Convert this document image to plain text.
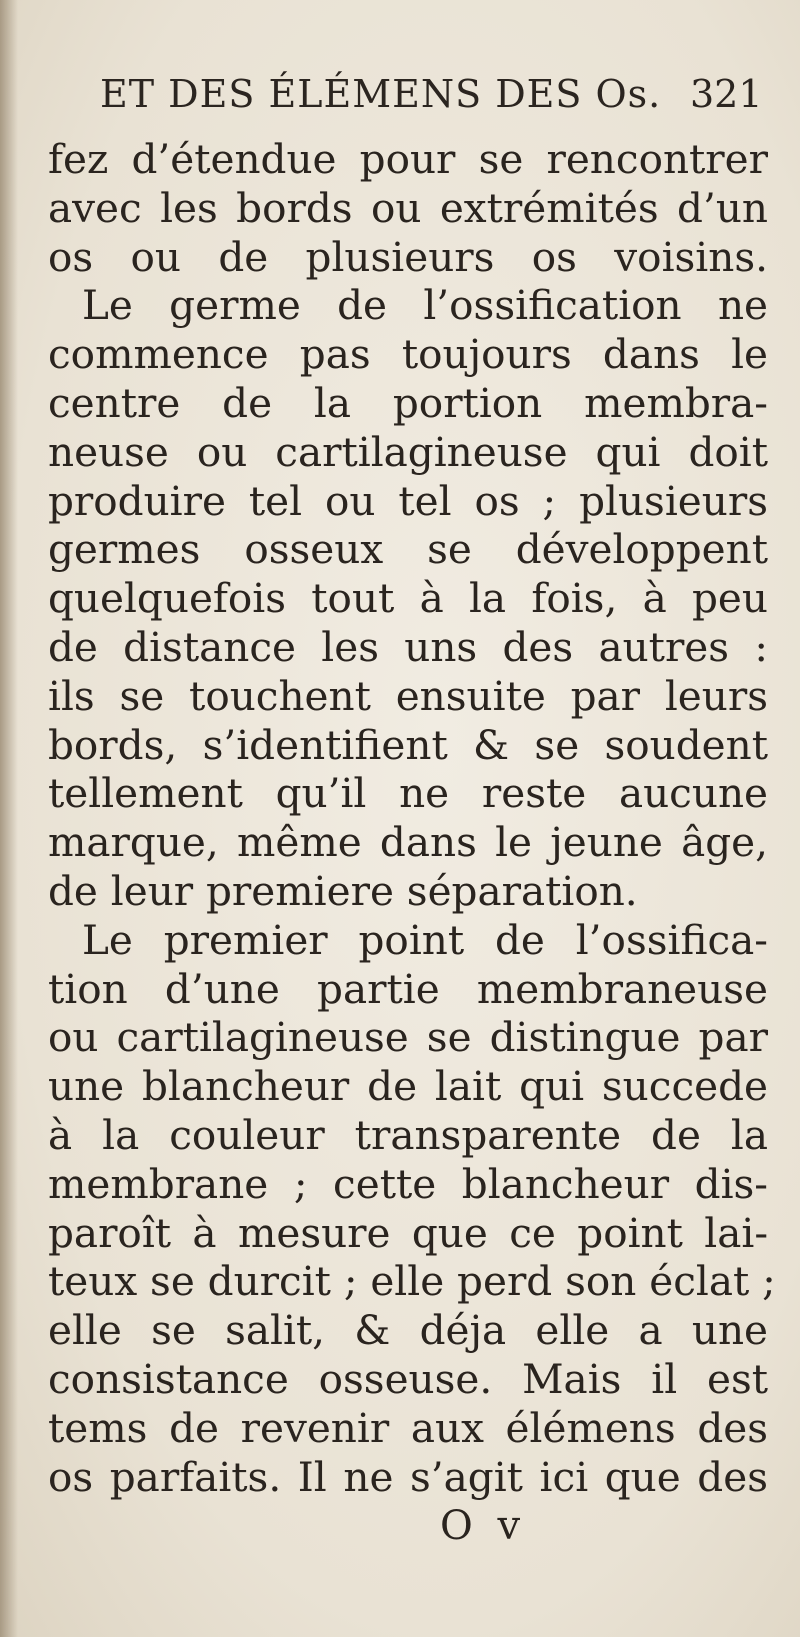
ET DES ÉLÉMENS DES Os. 321
fez d’étendue pour se rencontrer
avec les bords ou extrémités d’un
os ou de plusieurs os voisins.
Le germe de l’ossification ne
commence pas toujours dans le
centre de la portion membra-
neuse ou cartilagineuse qui doit
produire tel ou tel os ; plusieurs
germes osseux se développent
quelquefois tout à la fois, à peu
de distance les uns des autres :
ils se touchent ensuite par leurs
bords, s’identifient & se soudent
tellement qu’il ne reste aucune
marque, même dans le jeune âge,
de leur premiere séparation.
Le premier point de l’ossifica-
tion d’une partie membraneuse
ou cartilagineuse se distingue par
une blancheur de lait qui succede
à la couleur transparente de la
membrane ; cette blancheur dis-
paroît à mesure que ce point lai-
teux se durcit ; elle perd son éclat ;
elle se salit, & déja elle a une
consistance osseuse. Mais il est
tems de revenir aux élémens des
os parfaits. Il ne s’agit ici que des
O v
